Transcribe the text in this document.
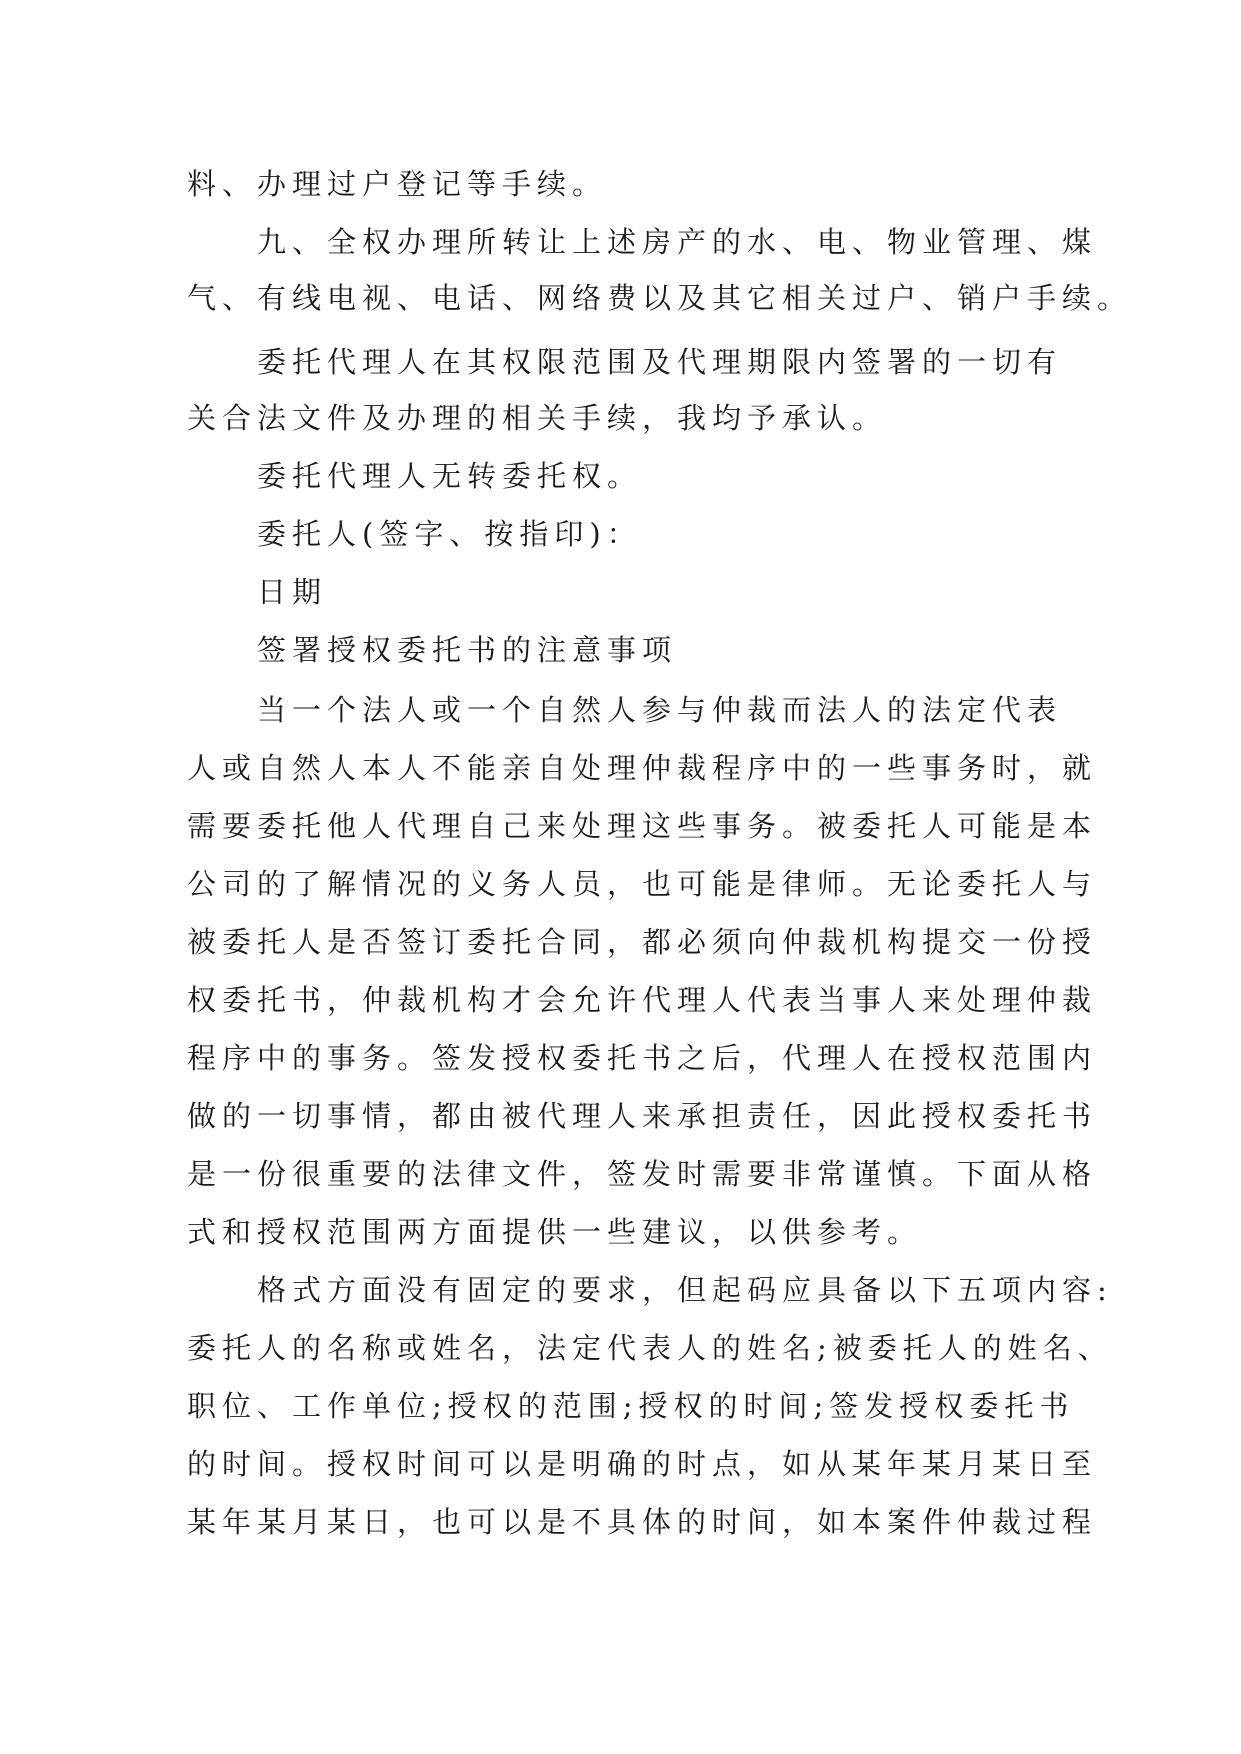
料、办理过户登记等手续。
九、全权办理所转让上述房产的水、电、物业管理、煤
气、有线电视、电话、网络费以及其它相关过户、销户手续。
委托代理人在其权限范围及代理期限内签署的一切有
关合法文件及办理的相关手续，我均予承认。
委托代理人无转委托权。
委托人(签字、按指印)：
日期
签署授权委托书的注意事项
当一个法人或一个自然人参与仲裁而法人的法定代表
人或自然人本人不能亲自处理仲裁程序中的一些事务时，就
需要委托他人代理自己来处理这些事务。被委托人可能是本
公司的了解情况的义务人员，也可能是律师。无论委托人与
被委托人是否签订委托合同，都必须向仲裁机构提交一份授
权委托书，仲裁机构才会允许代理人代表当事人来处理仲裁
程序中的事务。签发授权委托书之后，代理人在授权范围内
做的一切事情，都由被代理人来承担责任，因此授权委托书
是一份很重要的法律文件，签发时需要非常谨慎。下面从格
式和授权范围两方面提供一些建议，以供参考。
格式方面没有固定的要求，但起码应具备以下五项内容:
委托人的名称或姓名，法定代表人的姓名;被委托人的姓名、
职位、工作单位;授权的范围;授权的时间;签发授权委托书
的时间。授权时间可以是明确的时点，如从某年某月某日至
某年某月某日，也可以是不具体的时间，如本案件仲裁过程
